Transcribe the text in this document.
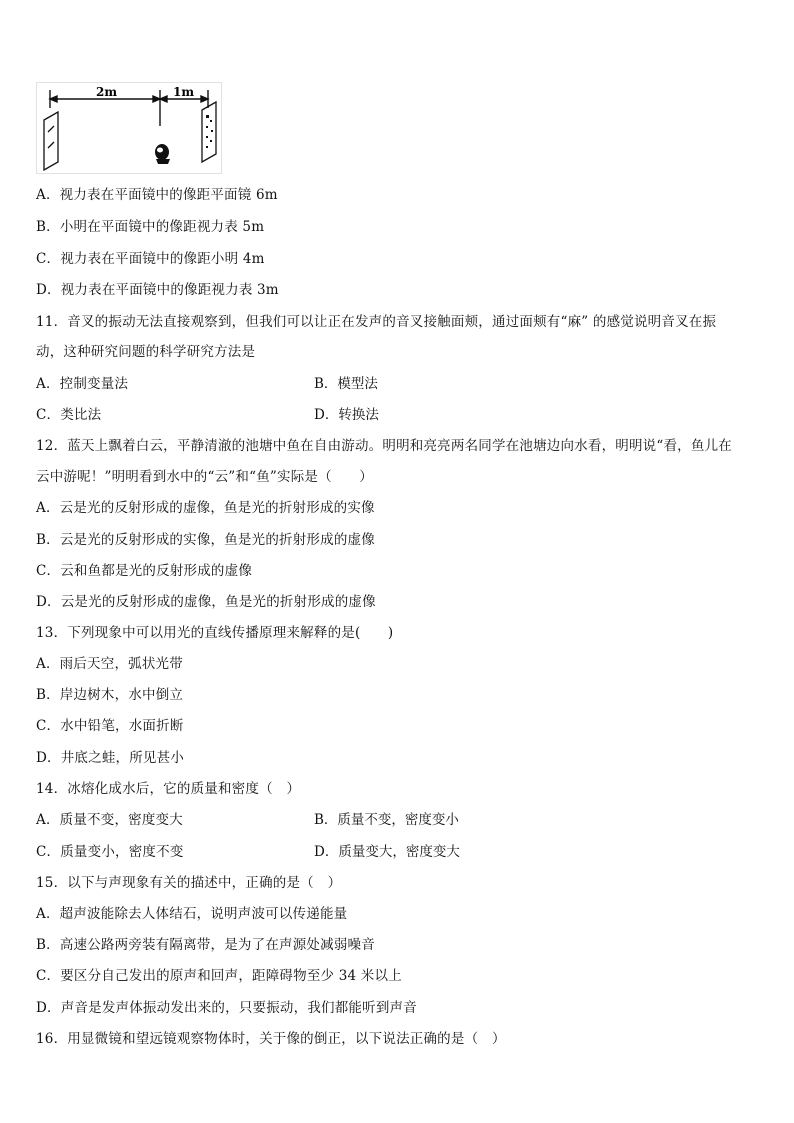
2m	1m
A．视力表在平面镜中的像距平面镜 6m
B．小明在平面镜中的像距视力表 5m
C．视力表在平面镜中的像距小明 4m
D．视力表在平面镜中的像距视力表 3m
11．音叉的振动无法直接观察到，但我们可以让正在发声的音叉接触面颊，通过面颊有“麻” 的感觉说明音叉在振
动，这种研究问题的科学研究方法是
A．控制变量法	B．模型法
C．类比法	D．转换法
12．蓝天上飘着白云，平静清澈的池塘中鱼在自由游动。明明和亮亮两名同学在池塘边向水看，明明说“看，鱼儿在
云中游呢！”明明看到水中的“云”和“鱼”实际是（　　）
A．云是光的反射形成的虚像，鱼是光的折射形成的实像
B．云是光的反射形成的实像，鱼是光的折射形成的虚像
C．云和鱼都是光的反射形成的虚像
D．云是光的反射形成的虚像，鱼是光的折射形成的虚像
13．下列现象中可以用光的直线传播原理来解释的是(　　)
A．雨后天空，弧状光带
B．岸边树木，水中倒立
C．水中铅笔，水面折断
D．井底之蛙，所见甚小
14．冰熔化成水后，它的质量和密度（　）
A．质量不变，密度变大	B．质量不变，密度变小
C．质量变小，密度不变	D．质量变大，密度变大
15．以下与声现象有关的描述中，正确的是（　）
A．超声波能除去人体结石，说明声波可以传递能量
B．高速公路两旁装有隔离带，是为了在声源处减弱噪音
C．要区分自己发出的原声和回声，距障碍物至少 34 米以上
D．声音是发声体振动发出来的，只要振动，我们都能听到声音
16．用显微镜和望远镜观察物体时，关于像的倒正，以下说法正确的是（　）
